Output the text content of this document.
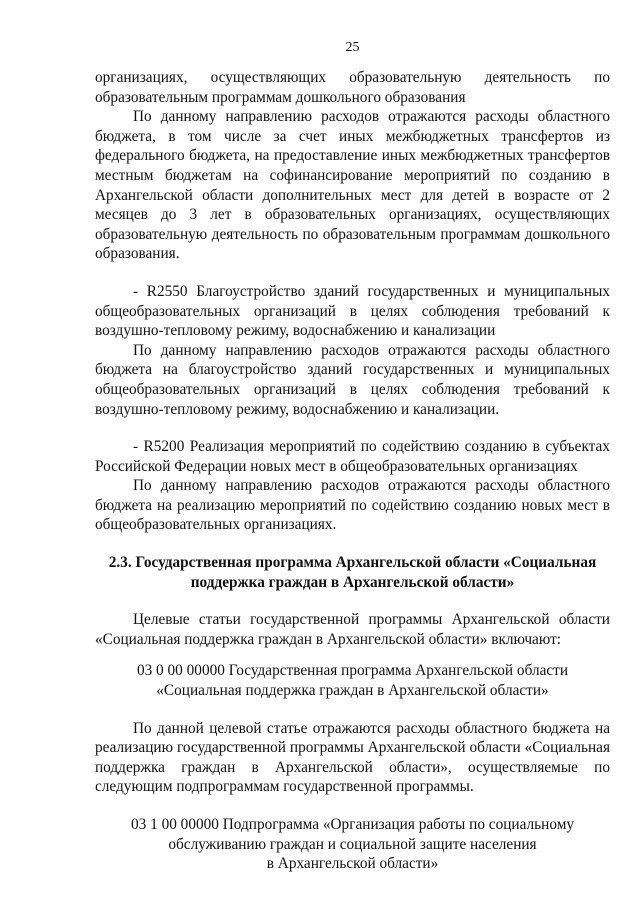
25

организациях, осуществляющих образовательную деятельность по образовательным программам дошкольного образования

По данному направлению расходов отражаются расходы областного бюджета, в том числе за счет иных межбюджетных трансфертов из федерального бюджета, на предоставление иных межбюджетных трансфертов местным бюджетам на софинансирование мероприятий по созданию в Архангельской области дополнительных мест для детей в возрасте от 2 месяцев до 3 лет в образовательных организациях, осуществляющих образовательную деятельность по образовательным программам дошкольного образования.

- R2550 Благоустройство зданий государственных и муниципальных общеобразовательных организаций в целях соблюдения требований к воздушно-тепловому режиму, водоснабжению и канализации

По данному направлению расходов отражаются расходы областного бюджета на благоустройство зданий государственных и муниципальных общеобразовательных организаций в целях соблюдения требований к воздушно-тепловому режиму, водоснабжению и канализации.

- R5200 Реализация мероприятий по содействию созданию в субъектах Российской Федерации новых мест в общеобразовательных организациях

По данному направлению расходов отражаются расходы областного бюджета на реализацию мероприятий по содействию созданию новых мест в общеобразовательных организациях.

2.3. Государственная программа Архангельской области «Социальная
поддержка граждан в Архангельской области»

Целевые статьи государственной программы Архангельской области «Социальная поддержка граждан в Архангельской области» включают:

03 0 00 00000 Государственная программа Архангельской области
«Социальная поддержка граждан в Архангельской области»

По данной целевой статье отражаются расходы областного бюджета на реализацию государственной программы Архангельской области «Социальная поддержка граждан в Архангельской области», осуществляемые по следующим подпрограммам государственной программы.

03 1 00 00000 Подпрограмма «Организация работы по социальному
обслуживанию граждан и социальной защите населения
в Архангельской области»
